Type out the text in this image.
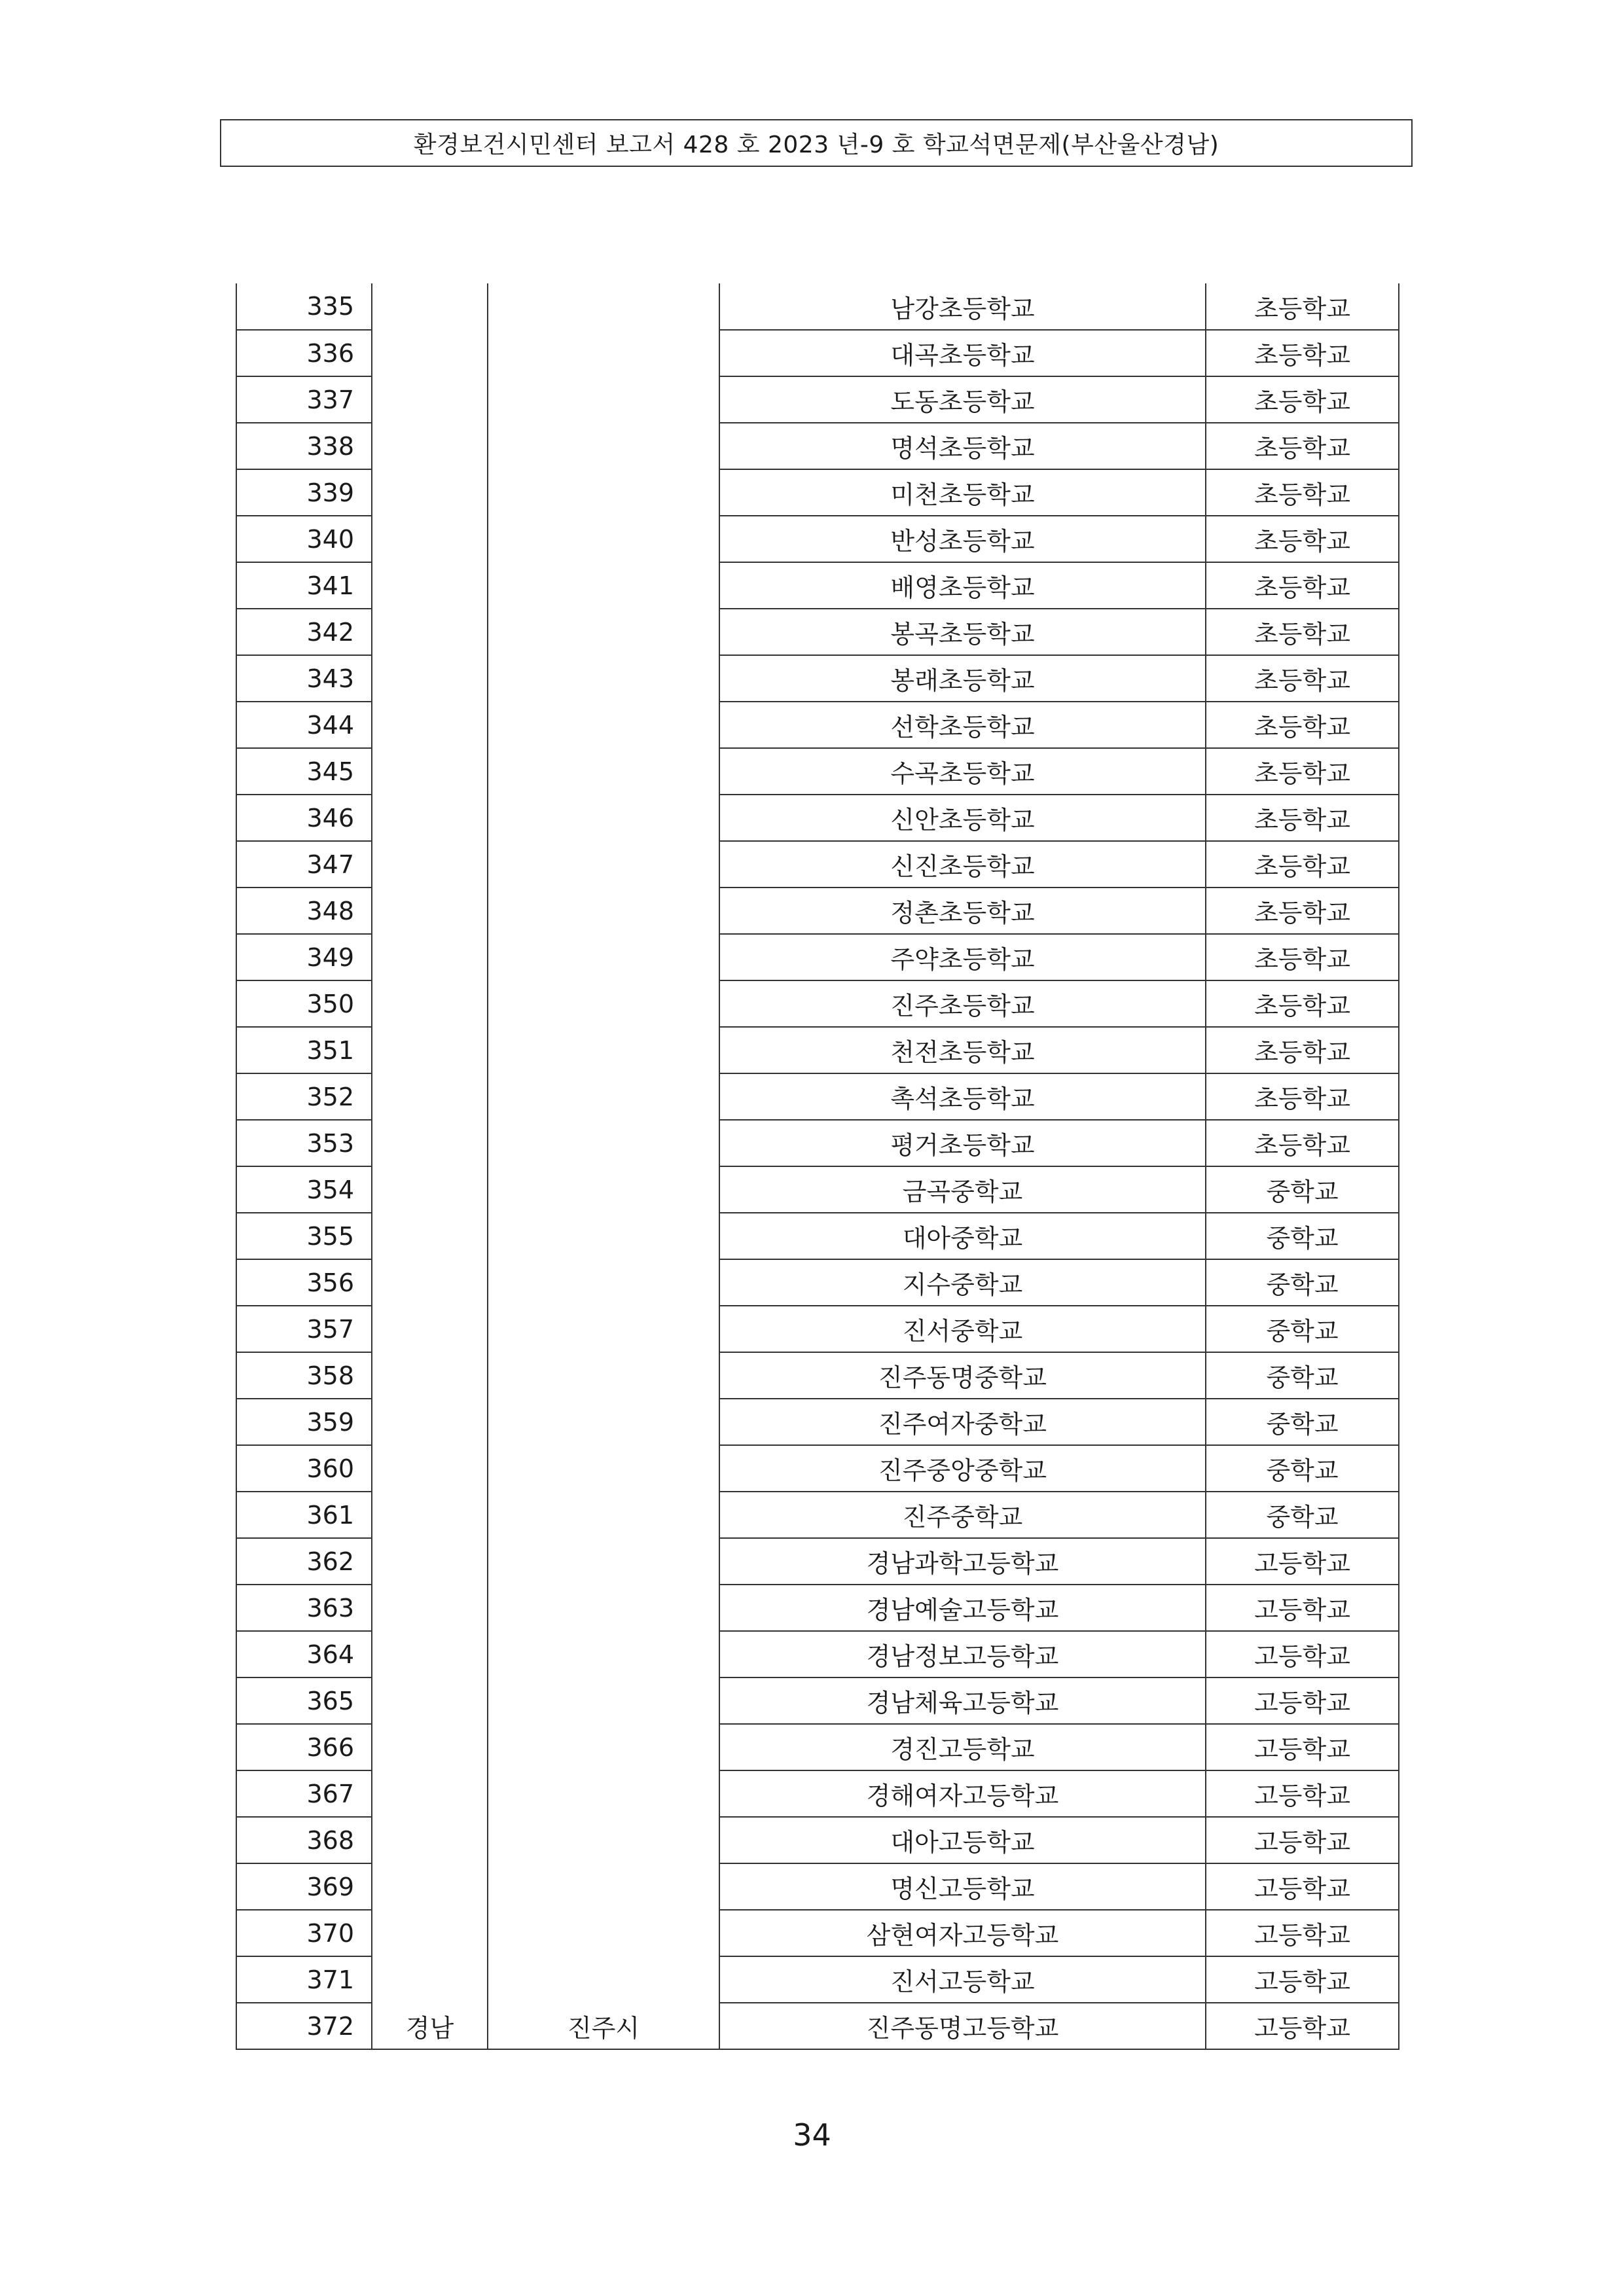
환경보건시민센터 보고서 428 호 2023 년-9 호 학교석면문제(부산울산경남)
335			남강초등학교	초등학교
336			대곡초등학교	초등학교
337			도동초등학교	초등학교
338			명석초등학교	초등학교
339			미천초등학교	초등학교
340			반성초등학교	초등학교
341			배영초등학교	초등학교
342			봉곡초등학교	초등학교
343			봉래초등학교	초등학교
344			선학초등학교	초등학교
345			수곡초등학교	초등학교
346			신안초등학교	초등학교
347			신진초등학교	초등학교
348			정촌초등학교	초등학교
349			주약초등학교	초등학교
350			진주초등학교	초등학교
351			천전초등학교	초등학교
352			촉석초등학교	초등학교
353			평거초등학교	초등학교
354			금곡중학교	중학교
355			대아중학교	중학교
356			지수중학교	중학교
357			진서중학교	중학교
358			진주동명중학교	중학교
359			진주여자중학교	중학교
360			진주중앙중학교	중학교
361			진주중학교	중학교
362			경남과학고등학교	고등학교
363			경남예술고등학교	고등학교
364			경남정보고등학교	고등학교
365			경남체육고등학교	고등학교
366			경진고등학교	고등학교
367			경해여자고등학교	고등학교
368			대아고등학교	고등학교
369			명신고등학교	고등학교
370			삼현여자고등학교	고등학교
371			진서고등학교	고등학교
372	경남	진주시	진주동명고등학교	고등학교
34
